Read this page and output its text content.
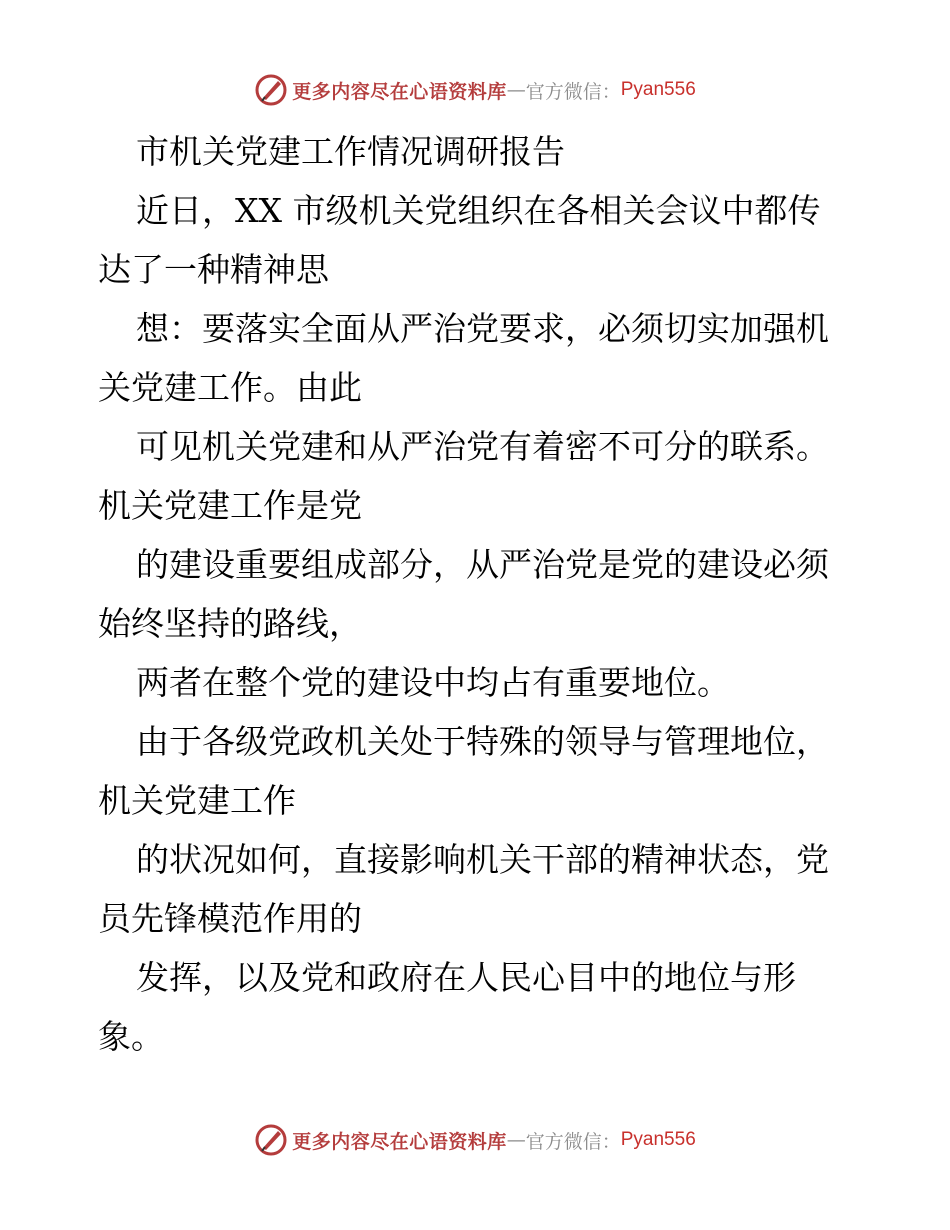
更多内容尽在心语资料库 — 官方微信： Pyan556
市机关党建工作情况调研报告
近日，XX 市级机关党组织在各相关会议中都传
达了一种精神思
想：要落实全面从严治党要求，必须切实加强机
关党建工作。由此
可见机关党建和从严治党有着密不可分的联系。
机关党建工作是党
的建设重要组成部分，从严治党是党的建设必须
始终坚持的路线，
两者在整个党的建设中均占有重要地位。
由于各级党政机关处于特殊的领导与管理地位，
机关党建工作
的状况如何，直接影响机关干部的精神状态，党
员先锋模范作用的
发挥，以及党和政府在人民心目中的地位与形
象。
更多内容尽在心语资料库 — 官方微信： Pyan556
